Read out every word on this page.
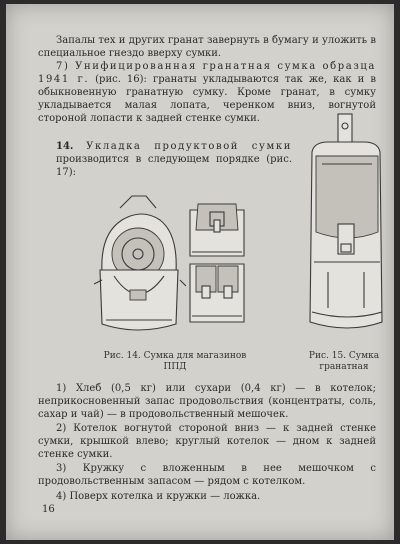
Запалы тех и других гранат завернуть в бумагу и уложить в специальное гнездо вверху сумки.

7) Унифицированная гранатная сумка образца 1941 г. (рис. 16): гранаты укладываются так же, как и в обыкновенную гранатную сумку. Кроме гранат, в сумку укладывается малая лопата, черенком вниз, вогнутой стороной лопасти к задней стенке сумки.

14. Укладка продуктовой сумки производится в следующем порядке (рис. 17):

Рис. 14. Сумка для магазинов ППД

Рис. 15. Сумка
гранатная

1) Хлеб (0,5 кг) или сухари (0,4 кг) — в котелок; неприкосновенный запас продовольствия (концентраты, соль, сахар и чай) — в продовольственный мешочек.

2) Котелок вогнутой стороной вниз — к задней стенке сумки, крышкой влево; круглый котелок — дном к задней стенке сумки.

3) Кружку с вложенным в нее мешочком с продовольственным запасом — рядом с котелком.

4) Поверх котелка и кружки — ложка.

16
